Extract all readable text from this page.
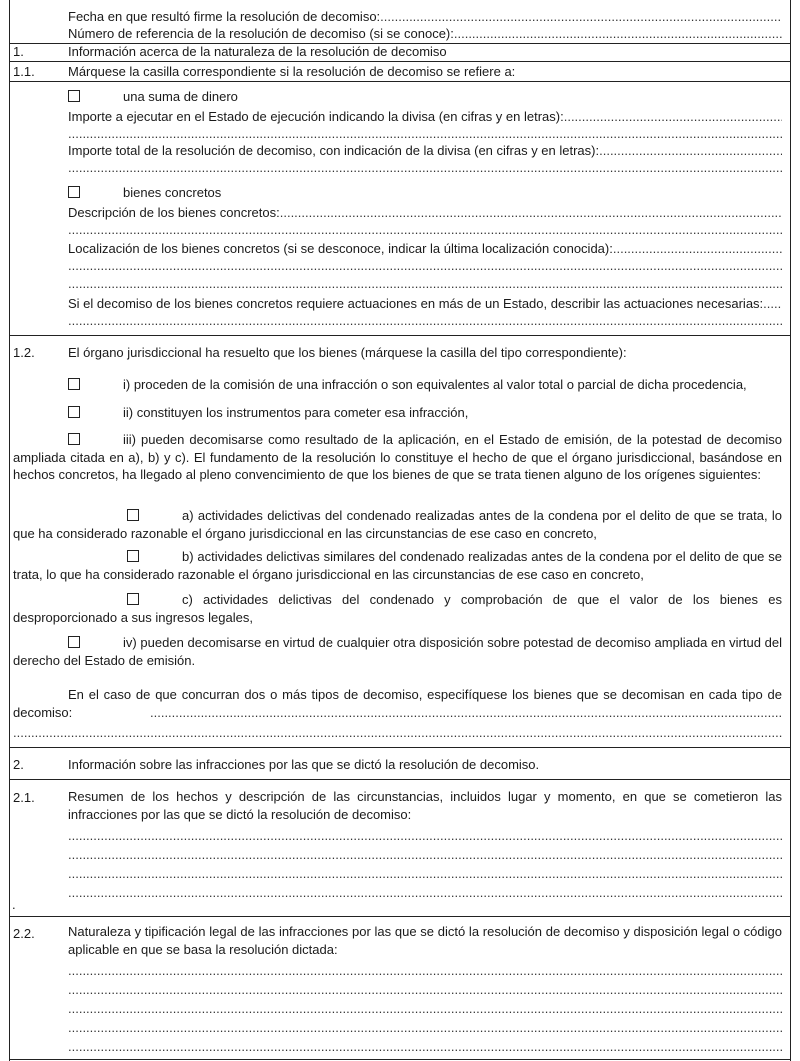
Fecha en que resultó firme la resolución de decomiso:
.....
Número de referencia de la resolución de decomiso (si se conoce):
.....
1.	Información acerca de la naturaleza de la resolución de decomiso
1.1.	Márquese la casilla correspondiente si la resolución de decomiso se refiere a:
una suma de dinero
Importe a ejecutar en el Estado de ejecución indicando la divisa (en cifras y en letras):
.....
.....
Importe total de la resolución de decomiso, con indicación de la divisa (en cifras y en letras):
.....
.....
bienes concretos
Descripción de los bienes concretos:
.....
.....
Localización de los bienes concretos (si se desconoce, indicar la última localización conocida):
.....
.....
.....
Si el decomiso de los bienes concretos requiere actuaciones en más de un Estado, describir las actuaciones necesarias:
.....
.....
1.2.	El órgano jurisdiccional ha resuelto que los bienes (márquese la casilla del tipo correspondiente):
i) proceden de la comisión de una infracción o son equivalentes al valor total o parcial de dicha procedencia,
ii) constituyen los instrumentos para cometer esa infracción,
iii) pueden decomisarse como resultado de la aplicación, en el Estado de emisión, de la potestad de decomiso ampliada citada en a), b) y c). El fundamento de la resolución lo constituye el hecho de que el órgano jurisdiccional, basándose en hechos concretos, ha llegado al pleno convencimiento de que los bienes de que se trata tienen alguno de los orígenes siguientes:
a) actividades delictivas del condenado realizadas antes de la condena por el delito de que se trata, lo que ha considerado razonable el órgano jurisdiccional en las circunstancias de ese caso en concreto,
b) actividades delictivas similares del condenado realizadas antes de la condena por el delito de que se trata, lo que ha considerado razonable el órgano jurisdiccional en las circunstancias de ese caso en concreto,
c) actividades delictivas del condenado y comprobación de que el valor de los bienes es desproporcionado a sus ingresos legales,
iv) pueden decomisarse en virtud de cualquier otra disposición sobre potestad de decomiso ampliada en virtud del derecho del Estado de emisión.
En el caso de que concurran dos o más tipos de decomiso, especifíquese los bienes que se decomisan en cada tipo de decomiso:
.....
.....
2.	Información sobre las infracciones por las que se dictó la resolución de decomiso.
2.1.	Resumen de los hechos y descripción de las circunstancias, incluidos lugar y momento, en que se cometieron las infracciones por las que se dictó la resolución de decomiso:
.....
.....
.....
.....
.
2.2.	Naturaleza y tipificación legal de las infracciones por las que se dictó la resolución de decomiso y disposición legal o código aplicable en que se basa la resolución dictada:
.....
.....
.....
.....
.....
